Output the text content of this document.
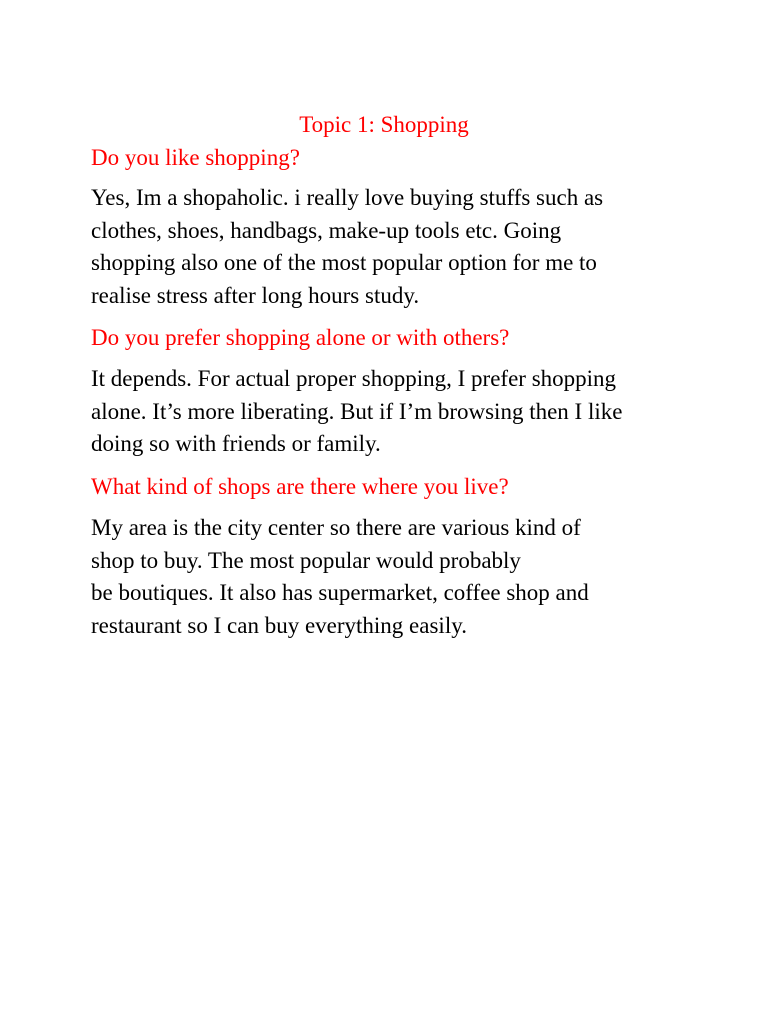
Topic 1: Shopping

Do you like shopping?

Yes, Im a shopaholic. i really love buying stuffs such as
clothes, shoes, handbags, make-up tools etc. Going
shopping also one of the most popular option for me to
realise stress after long hours study.

Do you prefer shopping alone or with others?

It depends. For actual proper shopping, I prefer shopping
alone. It’s more liberating. But if I’m browsing then I like
doing so with friends or family.

What kind of shops are there where you live?

My area is the city center so there are various kind of
shop to buy. The most popular would probably
be boutiques. It also has supermarket, coffee shop and
restaurant so I can buy everything easily.
